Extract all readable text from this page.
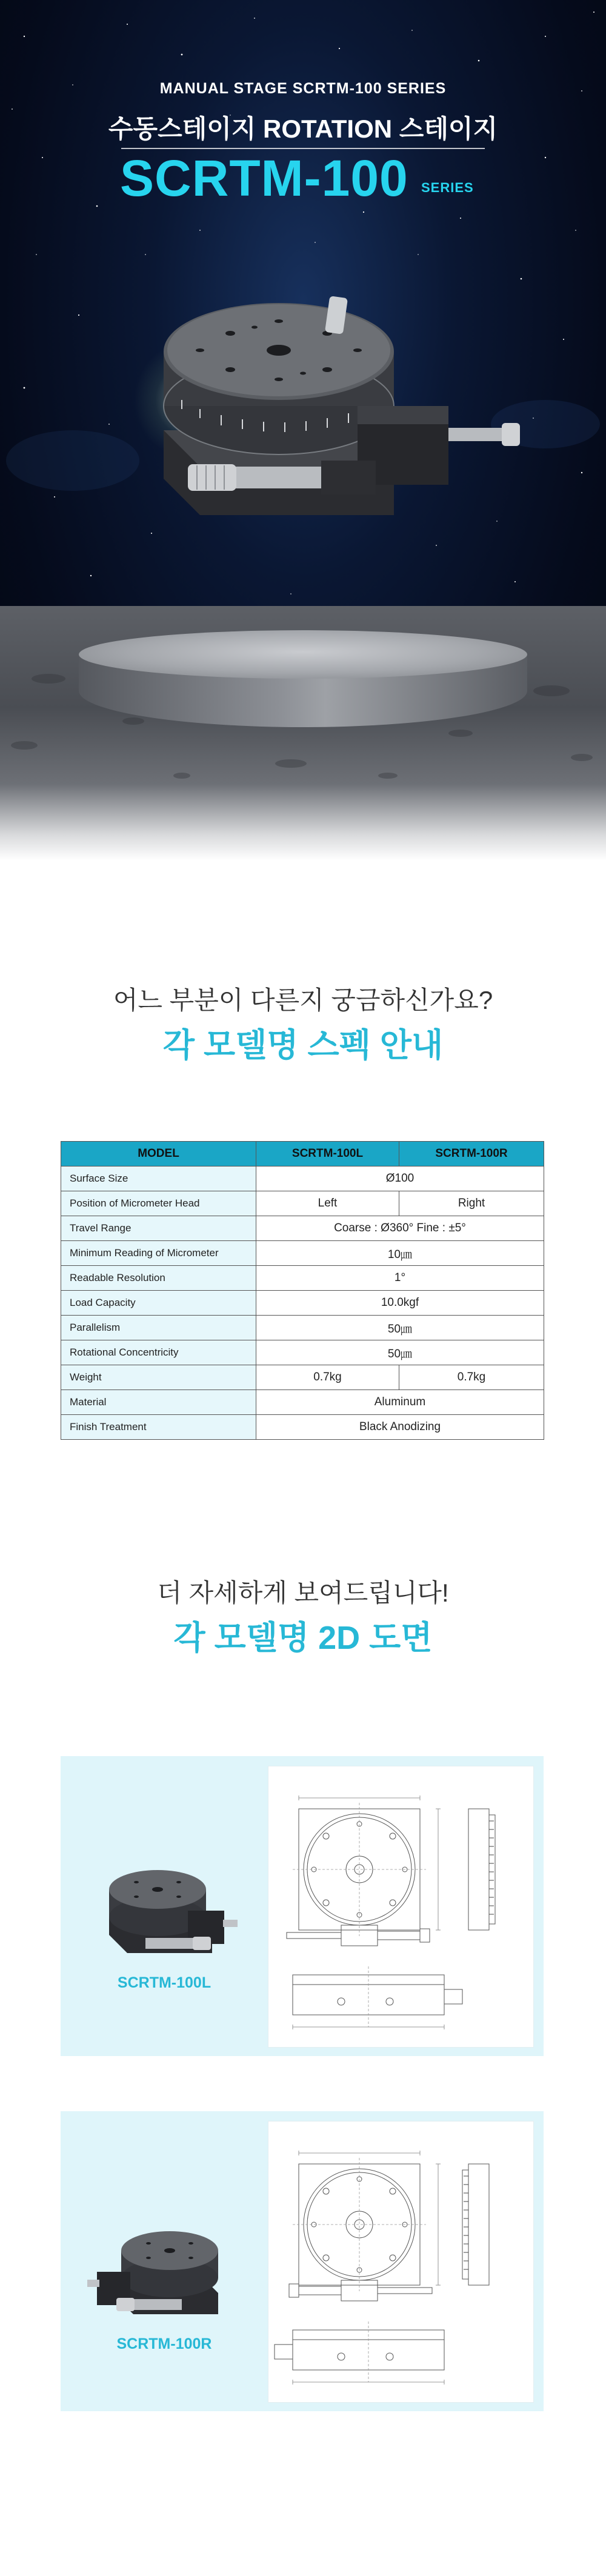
MANUAL STAGE SCRTM-100 SERIES
수동스테이지 ROTATION 스테이지
SCRTM-100 SERIES
어느 부분이 다른지 궁금하신가요?
각 모델명 스펙 안내
MODEL	SCRTM-100L	SCRTM-100R
Surface Size	Ø100	
Position of Micrometer Head	Left	Right
Travel Range	Coarse : Ø360° Fine : ±5°	
Minimum Reading of Micrometer	10㎛	
Readable Resolution	1°	
Load Capacity	10.0kgf	
Parallelism	50㎛	
Rotational Concentricity	50㎛	
Weight	0.7kg	0.7kg
Material	Aluminum	
Finish Treatment	Black Anodizing	
더 자세하게 보여드립니다!
각 모델명 2D 도면
SCRTM-100L
SCRTM-100R
